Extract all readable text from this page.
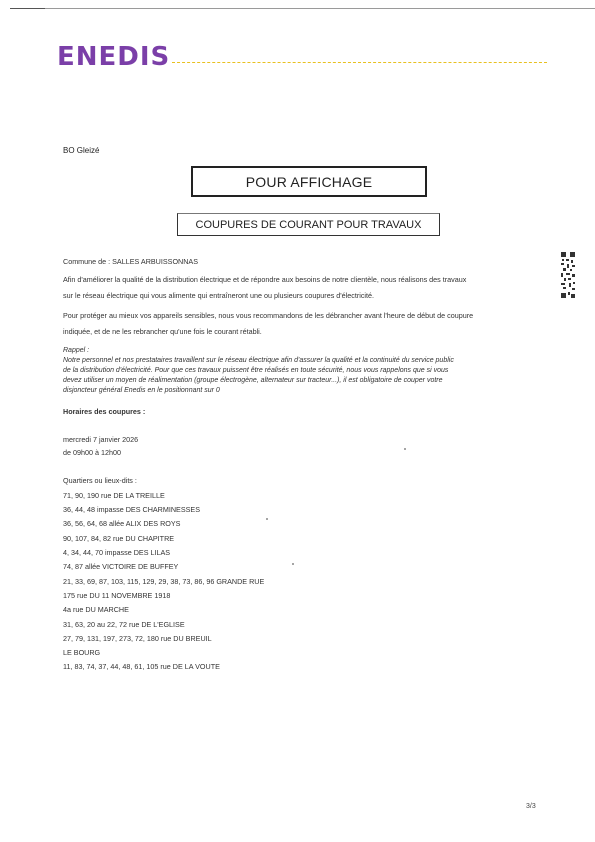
ENEDIS
BO Gleizé
POUR AFFICHAGE
COUPURES DE COURANT POUR TRAVAUX
Commune de : SALLES ARBUISSONNAS
Afin d'améliorer la qualité de la distribution électrique et de répondre aux besoins de notre clientèle, nous réalisons des travaux
sur le réseau électrique qui vous alimente qui entraîneront une ou plusieurs coupures d'électricité.
Pour protéger au mieux vos appareils sensibles, nous vous recommandons de les débrancher avant l'heure de début de coupure
indiquée, et de ne les rebrancher qu'une fois le courant rétabli.
Rappel :
Notre personnel et nos prestataires travaillent sur le réseau électrique afin d'assurer la qualité et la continuité du service public
de la distribution d'électricité. Pour que ces travaux puissent être réalisés en toute sécurité, nous vous rappelons que si vous
devez utiliser un moyen de réalimentation (groupe électrogène, alternateur sur tracteur...), il est obligatoire de couper votre
disjoncteur général Enedis en le positionnant sur 0
Horaires des coupures :
mercredi 7 janvier 2026
de 09h00 à 12h00
Quartiers ou lieux-dits :
71, 90, 190 rue DE LA TREILLE
36, 44, 48 impasse DES CHARMINESSES
36, 56, 64, 68 allée ALIX DES ROYS
90, 107, 84, 82 rue DU CHAPITRE
4, 34, 44, 70 impasse DES LILAS
74, 87 allée VICTOIRE DE BUFFEY
21, 33, 69, 87, 103, 115, 129, 29, 38, 73, 86, 96 GRANDE RUE
175 rue DU 11 NOVEMBRE 1918
4a rue DU MARCHE
31, 63, 20 au 22, 72 rue DE L'EGLISE
27, 79, 131, 197, 273, 72, 180 rue DU BREUIL
LE BOURG
11, 83, 74, 37, 44, 48, 61, 105 rue DE LA VOUTE
3/3
